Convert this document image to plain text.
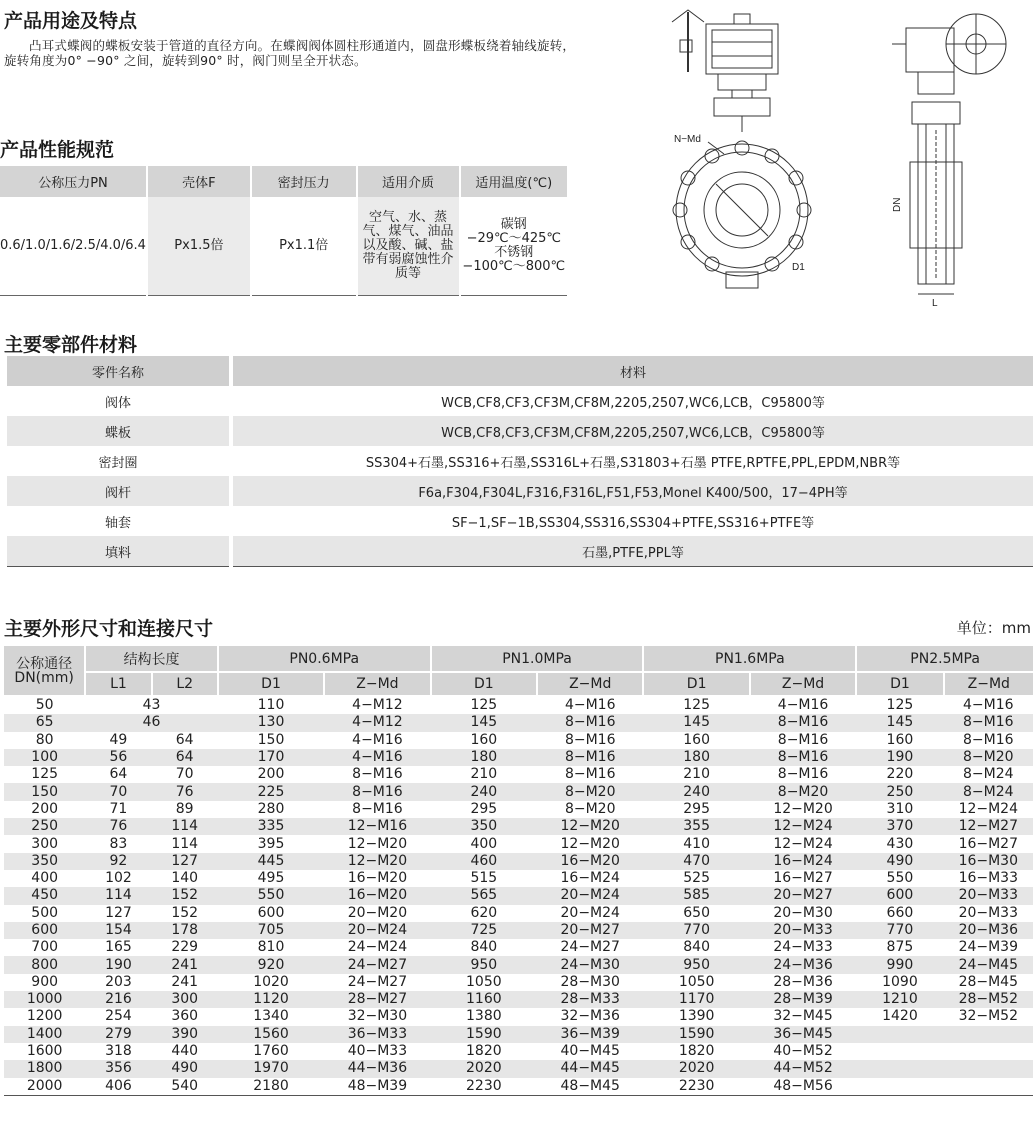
产品用途及特点
凸耳式蝶阀的蝶板安装于管道的直径方向。在蝶阀阀体圆柱形通道内，圆盘形蝶板绕着轴线旋转，旋转角度为0° −90° 之间，旋转到90° 时，阀门则呈全开状态。
产品性能规范
公称压力PN	壳体F	密封压力	适用介质	适用温度(℃)
0.6/1.0/1.6/2.5/4.0/6.4	Px1.5倍	Px1.1倍	空气、水、蒸气、煤气、油品以及酸、碱、盐带有弱腐蚀性介质等	碳钢
−29℃～425℃
不锈钢
−100℃～800℃
N−Md
D1
DN
L
主要零部件材料
零件名称	材料
阀体	WCB,CF8,CF3,CF3M,CF8M,2205,2507,WC6,LCB，C95800等
蝶板	WCB,CF8,CF3,CF3M,CF8M,2205,2507,WC6,LCB，C95800等
密封圈	SS304+石墨,SS316+石墨,SS316L+石墨,S31803+石墨 PTFE,RPTFE,PPL,EPDM,NBR等
阀杆	F6a,F304,F304L,F316,F316L,F51,F53,Monel K400/500，17−4PH等
轴套	SF−1,SF−1B,SS304,SS316,SS304+PTFE,SS316+PTFE等
填料	石墨,PTFE,PPL等
主要外形尺寸和连接尺寸	单位：mm
公称通径
DN(mm)	结构长度		PN0.6MPa		PN1.0MPa		PN1.6MPa		PN2.5MPa	
	L1	L2	D1	Z−Md	D1	Z−Md	D1	Z−Md	D1	Z−Md
50	43		110	4−M12	125	4−M16	125	4−M16	125	4−M16
65	46		130	4−M12	145	8−M16	145	8−M16	145	8−M16
80	49	64	150	4−M16	160	8−M16	160	8−M16	160	8−M16
100	56	64	170	4−M16	180	8−M16	180	8−M16	190	8−M20
125	64	70	200	8−M16	210	8−M16	210	8−M16	220	8−M24
150	70	76	225	8−M16	240	8−M20	240	8−M20	250	8−M24
200	71	89	280	8−M16	295	8−M20	295	12−M20	310	12−M24
250	76	114	335	12−M16	350	12−M20	355	12−M24	370	12−M27
300	83	114	395	12−M20	400	12−M20	410	12−M24	430	16−M27
350	92	127	445	12−M20	460	16−M20	470	16−M24	490	16−M30
400	102	140	495	16−M20	515	16−M24	525	16−M27	550	16−M33
450	114	152	550	16−M20	565	20−M24	585	20−M27	600	20−M33
500	127	152	600	20−M20	620	20−M24	650	20−M30	660	20−M33
600	154	178	705	20−M24	725	20−M27	770	20−M33	770	20−M36
700	165	229	810	24−M24	840	24−M27	840	24−M33	875	24−M39
800	190	241	920	24−M27	950	24−M30	950	24−M36	990	24−M45
900	203	241	1020	24−M27	1050	28−M30	1050	28−M36	1090	28−M45
1000	216	300	1120	28−M27	1160	28−M33	1170	28−M39	1210	28−M52
1200	254	360	1340	32−M30	1380	32−M36	1390	32−M45	1420	32−M52
1400	279	390	1560	36−M33	1590	36−M39	1590	36−M45		
1600	318	440	1760	40−M33	1820	40−M45	1820	40−M52		
1800	356	490	1970	44−M36	2020	44−M45	2020	44−M52		
2000	406	540	2180	48−M39	2230	48−M45	2230	48−M56		
